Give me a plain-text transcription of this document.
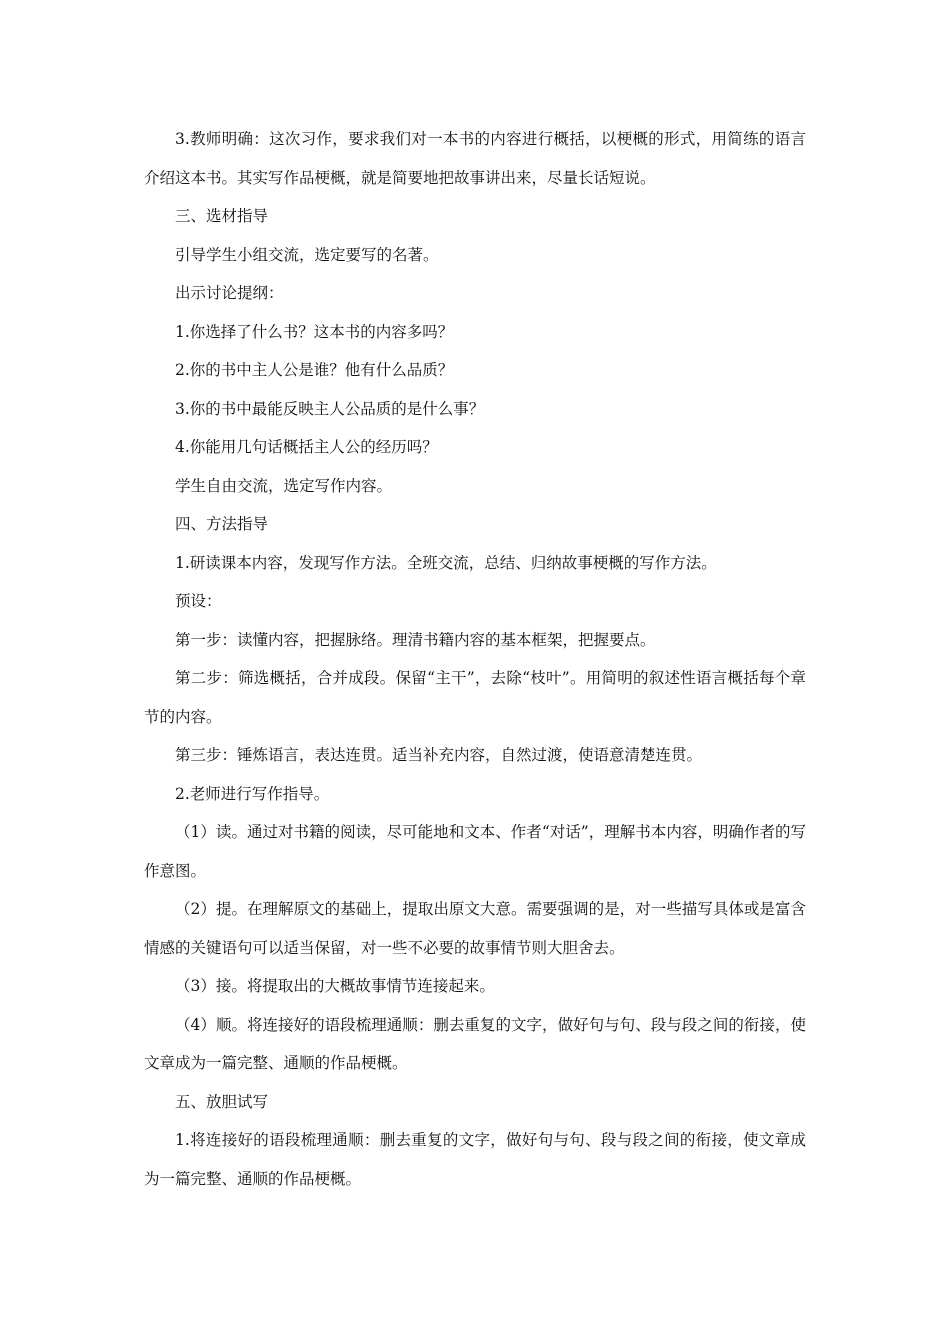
3.教师明确：这次习作，要求我们对一本书的内容进行概括，以梗概的形式，用简练的语言介绍这本书。其实写作品梗概，就是简要地把故事讲出来，尽量长话短说。

三、选材指导

引导学生小组交流，选定要写的名著。

出示讨论提纲：

1.你选择了什么书？这本书的内容多吗？

2.你的书中主人公是谁？他有什么品质？

3.你的书中最能反映主人公品质的是什么事？

4.你能用几句话概括主人公的经历吗？

学生自由交流，选定写作内容。

四、方法指导

1.研读课本内容，发现写作方法。全班交流，总结、归纳故事梗概的写作方法。

预设：

第一步：读懂内容，把握脉络。理清书籍内容的基本框架，把握要点。

第二步：筛选概括，合并成段。保留“主干”，去除“枝叶”。用简明的叙述性语言概括每个章节的内容。

第三步：锤炼语言，表达连贯。适当补充内容，自然过渡，使语意清楚连贯。

2.老师进行写作指导。

（1）读。通过对书籍的阅读，尽可能地和文本、作者“对话”，理解书本内容，明确作者的写作意图。

（2）提。在理解原文的基础上，提取出原文大意。需要强调的是，对一些描写具体或是富含情感的关键语句可以适当保留，对一些不必要的故事情节则大胆舍去。

（3）接。将提取出的大概故事情节连接起来。

（4）顺。将连接好的语段梳理通顺：删去重复的文字，做好句与句、段与段之间的衔接，使文章成为一篇完整、通顺的作品梗概。

五、放胆试写

1.将连接好的语段梳理通顺：删去重复的文字，做好句与句、段与段之间的衔接，使文章成为一篇完整、通顺的作品梗概。
